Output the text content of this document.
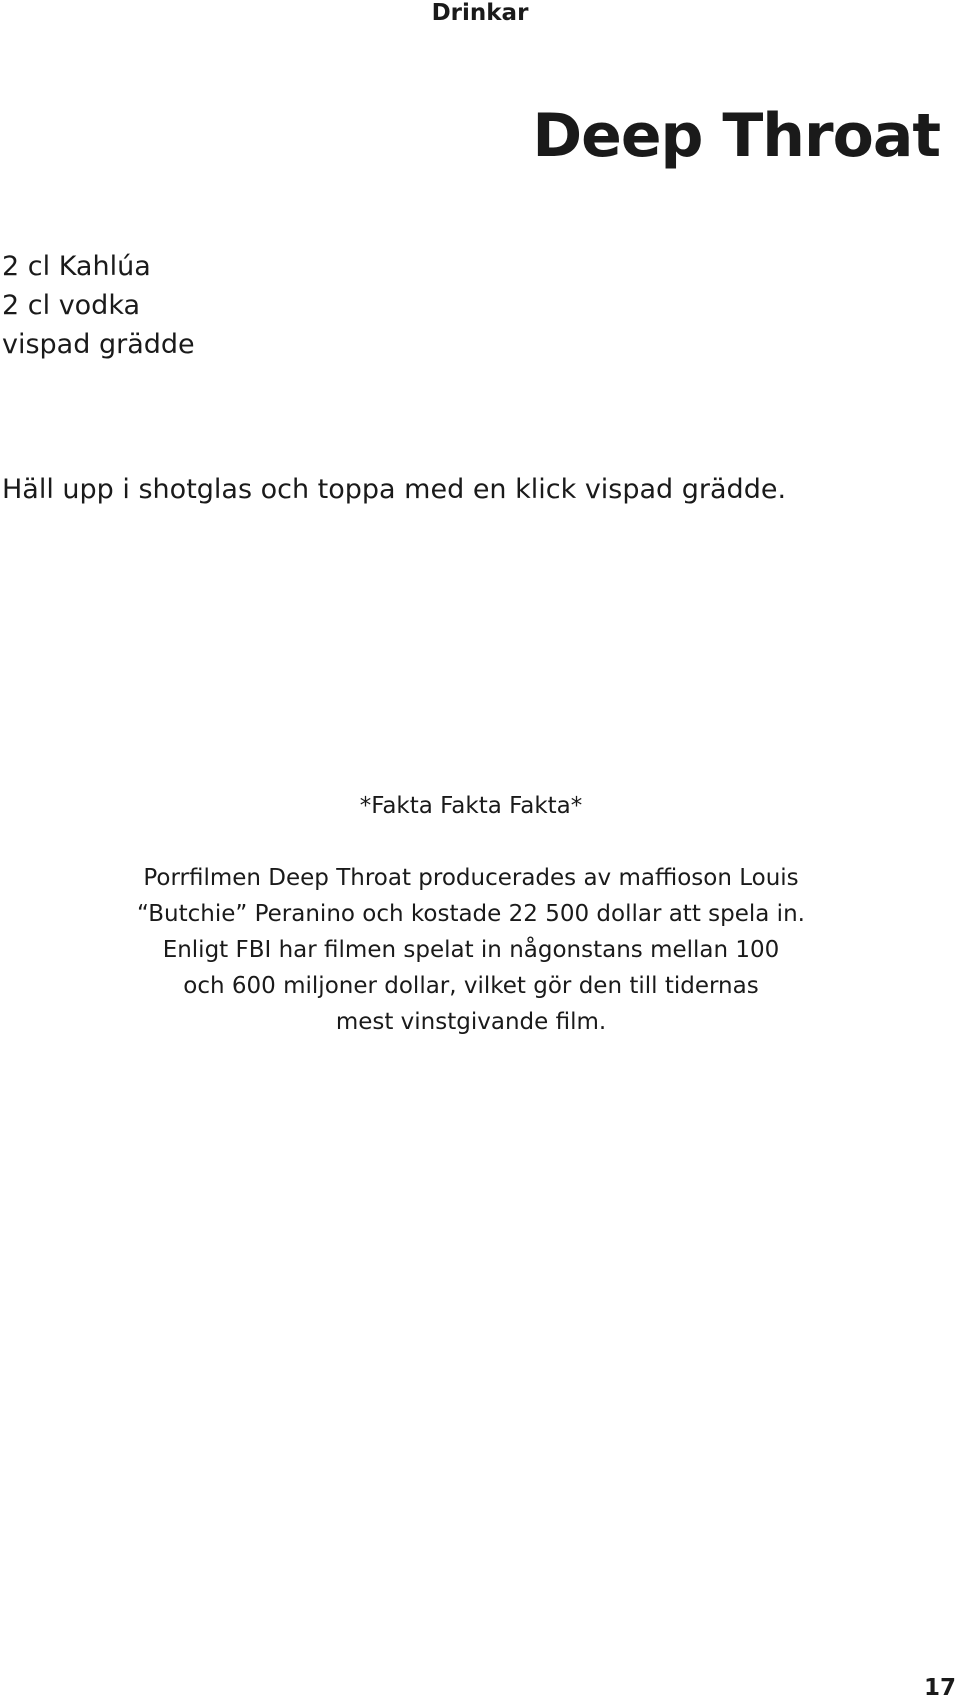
Drinkar
Deep Throat
2 cl Kahlúa
2 cl vodka
vispad grädde

Häll upp i shotglas och toppa med en klick vispad grädde.

*Fakta Fakta Fakta*
Porrfilmen Deep Throat producerades av maffioson Louis
“Butchie” Peranino och kostade 22 500 dollar att spela in.
Enligt FBI har filmen spelat in någonstans mellan 100
och 600 miljoner dollar, vilket gör den till tidernas
mest vinstgivande film.
17
